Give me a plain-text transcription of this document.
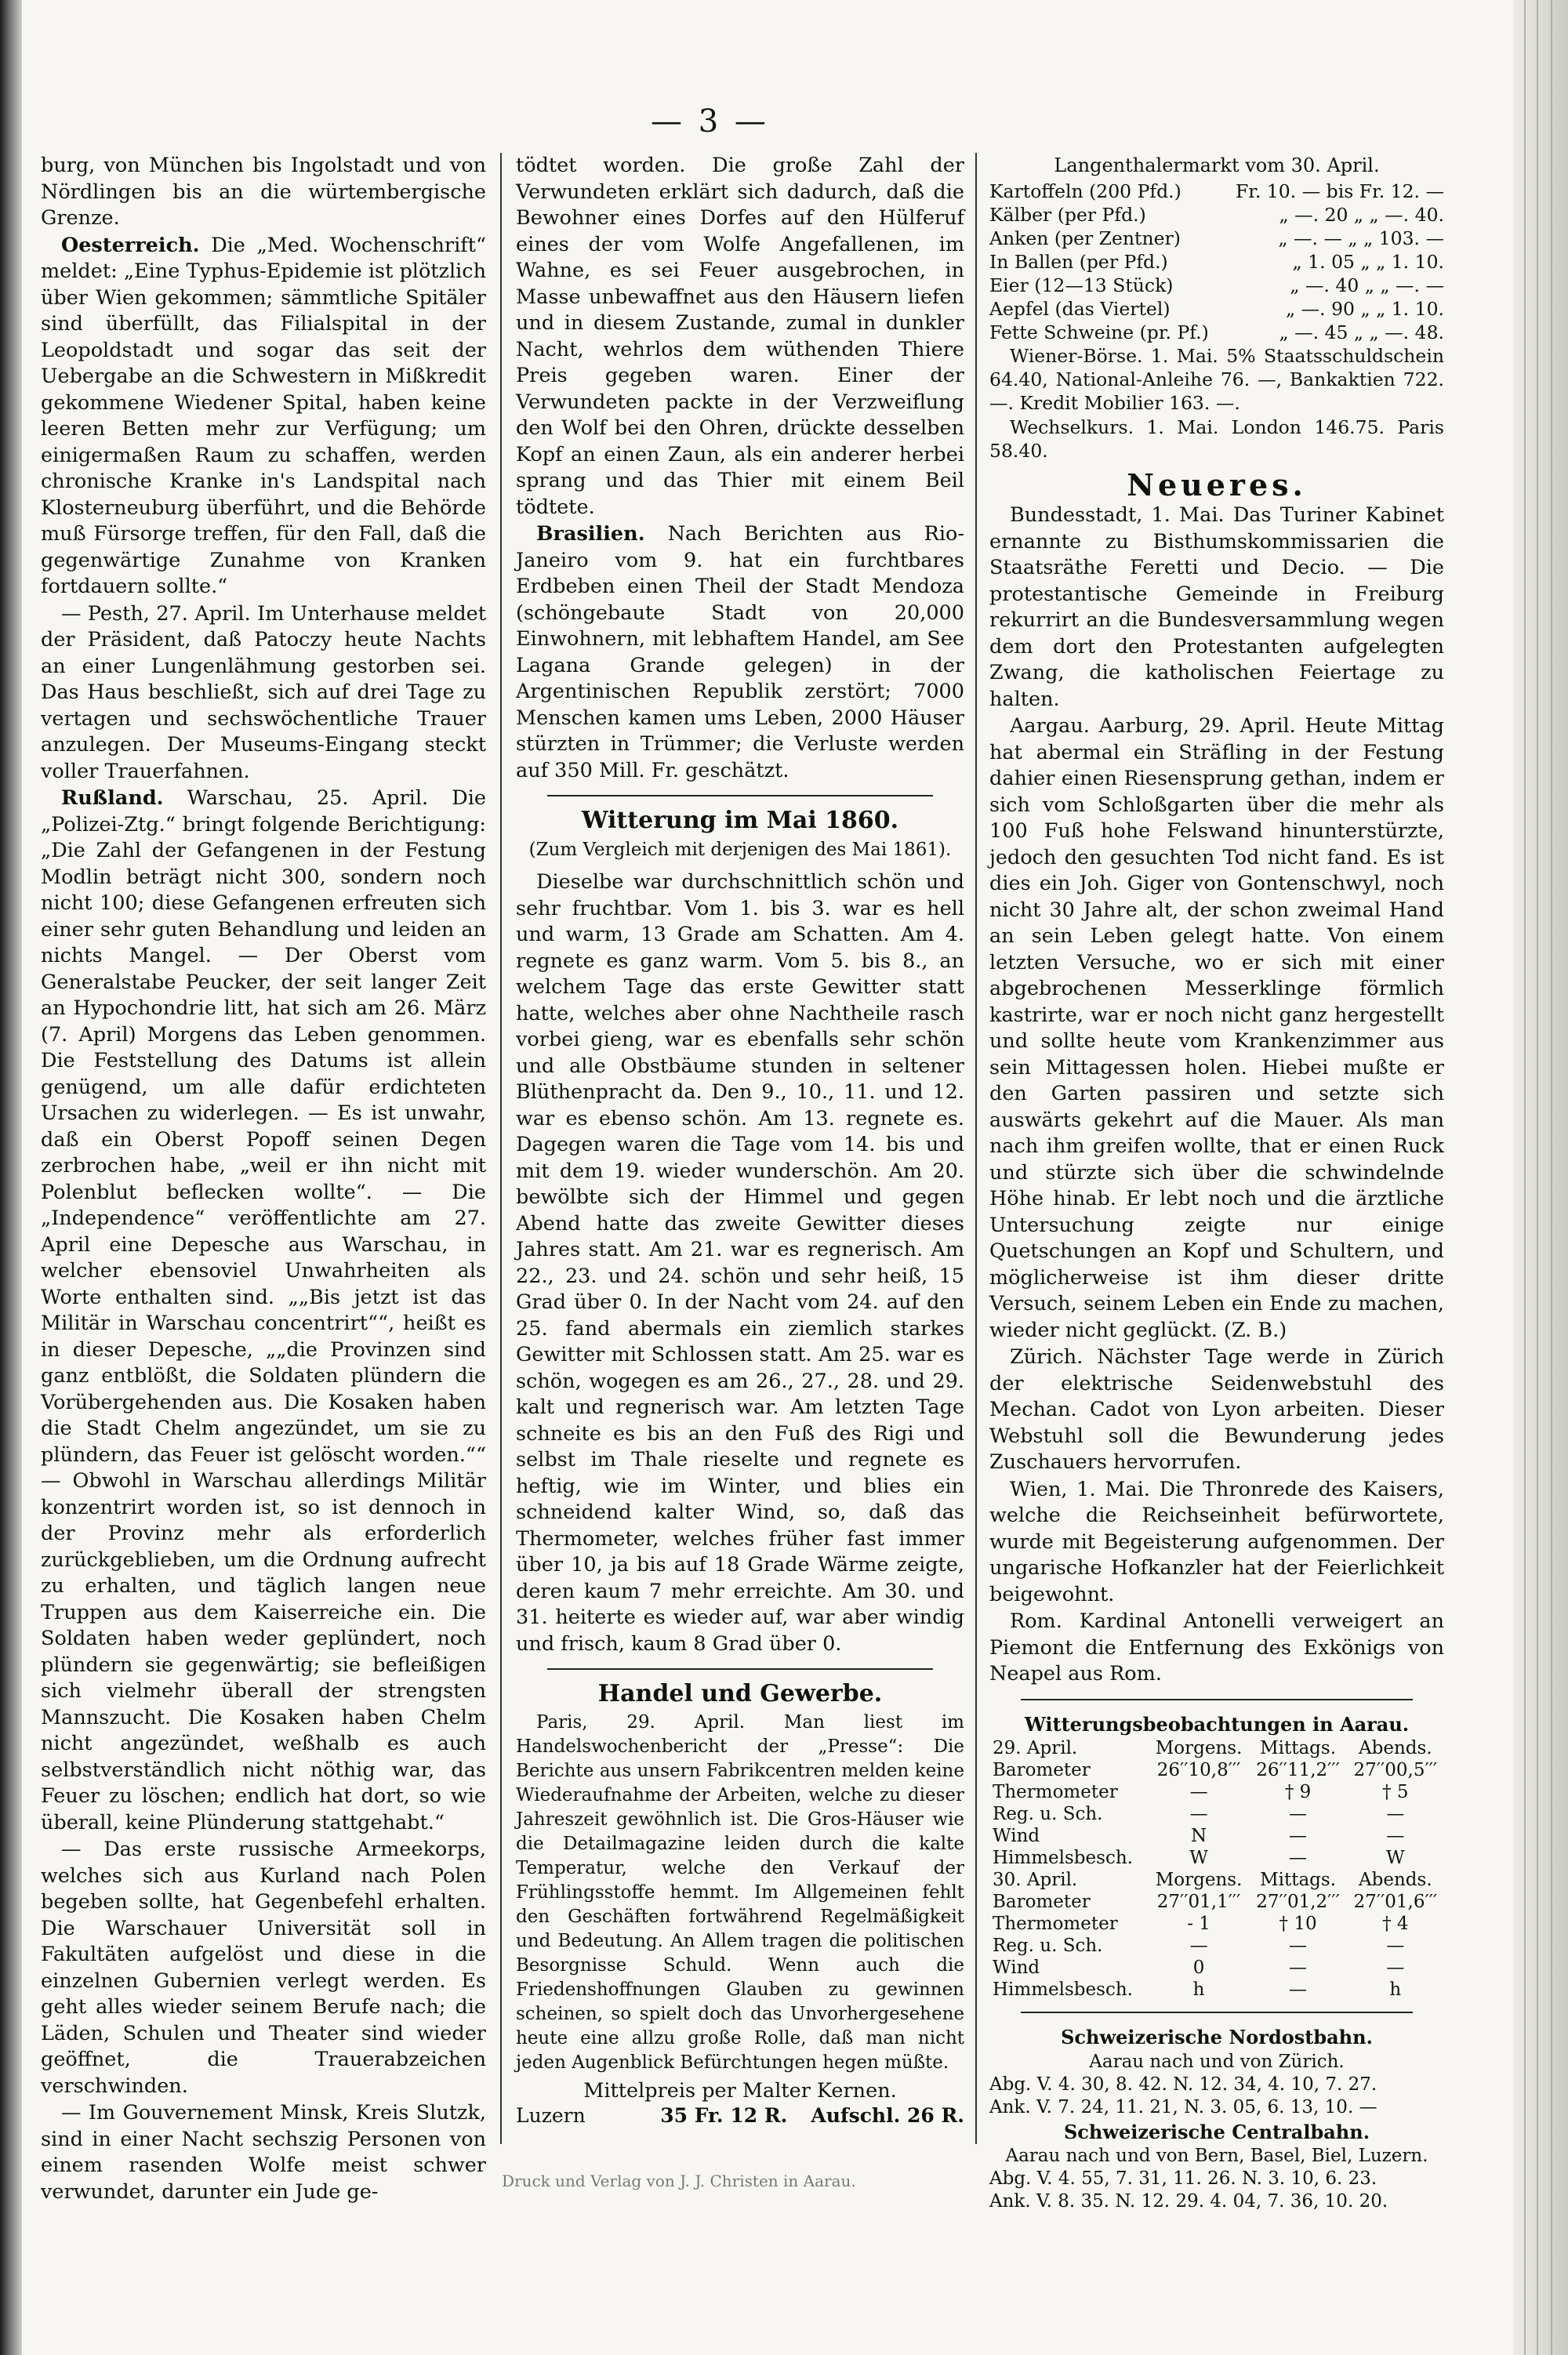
— 3 —

burg, von München bis Ingolstadt und von Nördlingen bis an die würtembergische Grenze.

Oesterreich. Die „Med. Wochenschrift“ meldet: „Eine Typhus-Epidemie ist plötzlich über Wien gekommen; sämmtliche Spitäler sind überfüllt, das Filialspital in der Leopoldstadt und sogar das seit der Uebergabe an die Schwestern in Mißkredit gekommene Wiedener Spital, haben keine leeren Betten mehr zur Verfügung; um einigermaßen Raum zu schaffen, werden chronische Kranke in's Landspital nach Klosterneuburg überführt, und die Behörde muß Fürsorge treffen, für den Fall, daß die gegenwärtige Zunahme von Kranken fortdauern sollte.“

— Pesth, 27. April. Im Unterhause meldet der Präsident, daß Patoczy heute Nachts an einer Lungenlähmung gestorben sei. Das Haus beschließt, sich auf drei Tage zu vertagen und sechswöchentliche Trauer anzulegen. Der Museums-Eingang steckt voller Trauerfahnen.

Rußland. Warschau, 25. April. Die „Polizei-Ztg.“ bringt folgende Berichtigung: „Die Zahl der Gefangenen in der Festung Modlin beträgt nicht 300, sondern noch nicht 100; diese Gefangenen erfreuten sich einer sehr guten Behandlung und leiden an nichts Mangel. — Der Oberst vom Generalstabe Peucker, der seit langer Zeit an Hypochondrie litt, hat sich am 26. März (7. April) Morgens das Leben genommen. Die Feststellung des Datums ist allein genügend, um alle dafür erdichteten Ursachen zu widerlegen. — Es ist unwahr, daß ein Oberst Popoff seinen Degen zerbrochen habe, „weil er ihn nicht mit Polenblut beflecken wollte“. — Die „Independence“ veröffentlichte am 27. April eine Depesche aus Warschau, in welcher ebensoviel Unwahrheiten als Worte enthalten sind. „„Bis jetzt ist das Militär in Warschau concentrirt““, heißt es in dieser Depesche, „„die Provinzen sind ganz entblößt, die Soldaten plündern die Vorübergehenden aus. Die Kosaken haben die Stadt Chelm angezündet, um sie zu plündern, das Feuer ist gelöscht worden.““ — Obwohl in Warschau allerdings Militär konzentrirt worden ist, so ist dennoch in der Provinz mehr als erforderlich zurückgeblieben, um die Ordnung aufrecht zu erhalten, und täglich langen neue Truppen aus dem Kaiserreiche ein. Die Soldaten haben weder geplündert, noch plündern sie gegenwärtig; sie befleißigen sich vielmehr überall der strengsten Mannszucht. Die Kosaken haben Chelm nicht angezündet, weßhalb es auch selbstverständlich nicht nöthig war, das Feuer zu löschen; endlich hat dort, so wie überall, keine Plünderung stattgehabt.“

— Das erste russische Armeekorps, welches sich aus Kurland nach Polen begeben sollte, hat Gegenbefehl erhalten. Die Warschauer Universität soll in Fakultäten aufgelöst und diese in die einzelnen Gubernien verlegt werden. Es geht alles wieder seinem Berufe nach; die Läden, Schulen und Theater sind wieder geöffnet, die Trauerabzeichen verschwinden.

— Im Gouvernement Minsk, Kreis Slutzk, sind in einer Nacht sechszig Personen von einem rasenden Wolfe meist schwer verwundet, darunter ein Jude ge-

tödtet worden. Die große Zahl der Verwundeten erklärt sich dadurch, daß die Bewohner eines Dorfes auf den Hülferuf eines der vom Wolfe Angefallenen, im Wahne, es sei Feuer ausgebrochen, in Masse unbewaffnet aus den Häusern liefen und in diesem Zustande, zumal in dunkler Nacht, wehrlos dem wüthenden Thiere Preis gegeben waren. Einer der Verwundeten packte in der Verzweiflung den Wolf bei den Ohren, drückte desselben Kopf an einen Zaun, als ein anderer herbei sprang und das Thier mit einem Beil tödtete.

Brasilien. Nach Berichten aus Rio-Janeiro vom 9. hat ein furchtbares Erdbeben einen Theil der Stadt Mendoza (schöngebaute Stadt von 20,000 Einwohnern, mit lebhaftem Handel, am See Lagana Grande gelegen) in der Argentinischen Republik zerstört; 7000 Menschen kamen ums Leben, 2000 Häuser stürzten in Trümmer; die Verluste werden auf 350 Mill. Fr. geschätzt.

Witterung im Mai 1860.
(Zum Vergleich mit derjenigen des Mai 1861).

Dieselbe war durchschnittlich schön und sehr fruchtbar. Vom 1. bis 3. war es hell und warm, 13 Grade am Schatten. Am 4. regnete es ganz warm. Vom 5. bis 8., an welchem Tage das erste Gewitter statt hatte, welches aber ohne Nachtheile rasch vorbei gieng, war es ebenfalls sehr schön und alle Obstbäume stunden in seltener Blüthenpracht da. Den 9., 10., 11. und 12. war es ebenso schön. Am 13. regnete es. Dagegen waren die Tage vom 14. bis und mit dem 19. wieder wunderschön. Am 20. bewölbte sich der Himmel und gegen Abend hatte das zweite Gewitter dieses Jahres statt. Am 21. war es regnerisch. Am 22., 23. und 24. schön und sehr heiß, 15 Grad über 0. In der Nacht vom 24. auf den 25. fand abermals ein ziemlich starkes Gewitter mit Schlossen statt. Am 25. war es schön, wogegen es am 26., 27., 28. und 29. kalt und regnerisch war. Am letzten Tage schneite es bis an den Fuß des Rigi und selbst im Thale rieselte und regnete es heftig, wie im Winter, und blies ein schneidend kalter Wind, so, daß das Thermometer, welches früher fast immer über 10, ja bis auf 18 Grade Wärme zeigte, deren kaum 7 mehr erreichte. Am 30. und 31. heiterte es wieder auf, war aber windig und frisch, kaum 8 Grad über 0.

Handel und Gewerbe.

Paris, 29. April. Man liest im Handelswochenbericht der „Presse“: Die Berichte aus unsern Fabrikcentren melden keine Wiederaufnahme der Arbeiten, welche zu dieser Jahreszeit gewöhnlich ist. Die Gros-Häuser wie die Detailmagazine leiden durch die kalte Temperatur, welche den Verkauf der Frühlingsstoffe hemmt. Im Allgemeinen fehlt den Geschäften fortwährend Regelmäßigkeit und Bedeutung. An Allem tragen die politischen Besorgnisse Schuld. Wenn auch die Friedenshoffnungen Glauben zu gewinnen scheinen, so spielt doch das Unvorhergesehene heute eine allzu große Rolle, daß man nicht jeden Augenblick Befürchtungen hegen müßte.

Mittelpreis per Malter Kernen.
Luzern	35 Fr. 12 R. Aufschl. 26 R.
Langenthalermarkt vom 30. April.
Kartoffeln (200 Pfd.)	Fr. 10. — bis Fr. 12. —
Kälber (per Pfd.)	„ —. 20 „ „ —. 40.
Anken (per Zentner)	„ —. — „ „ 103. —
In Ballen (per Pfd.)	„ 1. 05 „ „ 1. 10.
Eier (12—13 Stück)	„ —. 40 „ „ —. —
Aepfel (das Viertel)	„ —. 90 „ „ 1. 10.
Fette Schweine (pr. Pf.)	„ —. 45 „ „ —. 48.

Wiener-Börse. 1. Mai. 5% Staatsschuldschein 64.40, National-Anleihe 76. —, Bankaktien 722. —. Kredit Mobilier 163. —.

Wechselkurs. 1. Mai. London 146.75. Paris 58.40.

Neueres.

Bundesstadt, 1. Mai. Das Turiner Kabinet ernannte zu Bisthumskommissarien die Staatsräthe Feretti und Decio. — Die protestantische Gemeinde in Freiburg rekurrirt an die Bundesversammlung wegen dem dort den Protestanten aufgelegten Zwang, die katholischen Feiertage zu halten.

Aargau. Aarburg, 29. April. Heute Mittag hat abermal ein Sträfling in der Festung dahier einen Riesensprung gethan, indem er sich vom Schloßgarten über die mehr als 100 Fuß hohe Felswand hinunterstürzte, jedoch den gesuchten Tod nicht fand. Es ist dies ein Joh. Giger von Gontenschwyl, noch nicht 30 Jahre alt, der schon zweimal Hand an sein Leben gelegt hatte. Von einem letzten Versuche, wo er sich mit einer abgebrochenen Messerklinge förmlich kastrirte, war er noch nicht ganz hergestellt und sollte heute vom Krankenzimmer aus sein Mittagessen holen. Hiebei mußte er den Garten passiren und setzte sich auswärts gekehrt auf die Mauer. Als man nach ihm greifen wollte, that er einen Ruck und stürzte sich über die schwindelnde Höhe hinab. Er lebt noch und die ärztliche Untersuchung zeigte nur einige Quetschungen an Kopf und Schultern, und möglicherweise ist ihm dieser dritte Versuch, seinem Leben ein Ende zu machen, wieder nicht geglückt. (Z. B.)

Zürich. Nächster Tage werde in Zürich der elektrische Seidenwebstuhl des Mechan. Cadot von Lyon arbeiten. Dieser Webstuhl soll die Bewunderung jedes Zuschauers hervorrufen.

Wien, 1. Mai. Die Thronrede des Kaisers, welche die Reichseinheit befürwortete, wurde mit Begeisterung aufgenommen. Der ungarische Hofkanzler hat der Feierlichkeit beigewohnt.

Rom. Kardinal Antonelli verweigert an Piemont die Entfernung des Exkönigs von Neapel aus Rom.

Witterungsbeobachtungen in Aarau.
29. April.	Morgens.	Mittags.	Abends.
Barometer	26′′10,8′′′	26′′11,2′′′	27′′00,5′′′
Thermometer	—	† 9	† 5
Reg. u. Sch.	—	—	—
Wind	N	—	—
Himmelsbesch.	W	—	W
30. April.	Morgens.	Mittags.	Abends.
Barometer	27′′01,1′′′	27′′01,2′′′	27′′01,6′′′
Thermometer	- 1	† 10	† 4
Reg. u. Sch.	—	—	—
Wind	0	—	—
Himmelsbesch.	h	—	h
Schweizerische Nordostbahn.
Aarau nach und von Zürich.
Abg. V. 4. 30, 8. 42. N. 12. 34, 4. 10, 7. 27.
Ank. V. 7. 24, 11. 21, N. 3. 05, 6. 13, 10. —
Schweizerische Centralbahn.
Aarau nach und von Bern, Basel, Biel, Luzern.
Abg. V. 4. 55, 7. 31, 11. 26. N. 3. 10, 6. 23.
Ank. V. 8. 35. N. 12. 29. 4. 04, 7. 36, 10. 20.
Druck und Verlag von J. J. Christen in Aarau.
